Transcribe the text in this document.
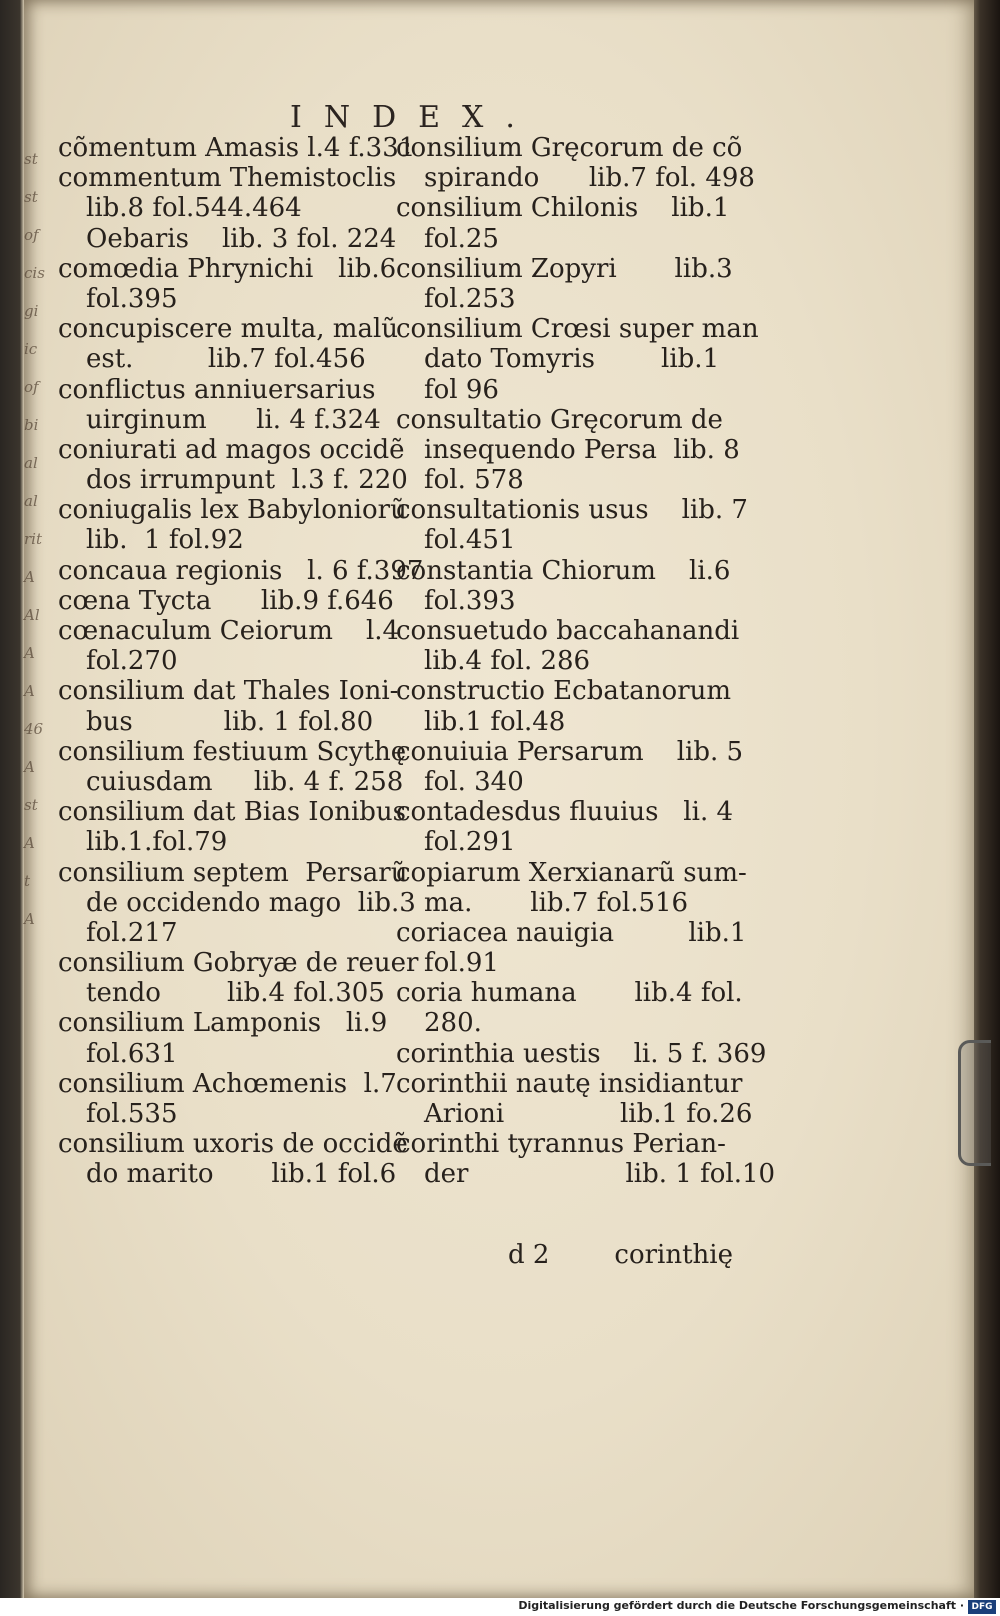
st
st
of
cis
gi
ic
of
bi
al
al
rit
A
Al
A
A
46
A
st
A
t
A
INDEX.
cõmentum Amasis l.4 f.331
commentum Themistoclis
lib.8 fol.544.464
Oebaris    lib. 3 fol. 224
comœdia Phrynichi   lib.6
fol.395
concupiscere multa, malũ
est.         lib.7 fol.456
conflictus anniuersarius
uirginum      li. 4 f.324
coniurati ad magos occidẽ
dos irrumpunt  l.3 f. 220
coniugalis lex Babyloniorũ
lib.  1 fol.92
concaua regionis   l. 6 f.397
cœna Tycta      lib.9 f.646
cœnaculum Ceiorum    l.4
fol.270
consilium dat Thales Ioni-
bus           lib. 1 fol.80
consilium festiuum Scythę
cuiusdam     lib. 4 f. 258
consilium dat Bias Ionibus
lib.1.fol.79
consilium septem  Persarũ
de occidendo mago  lib.3
fol.217
consilium Gobryæ de reuer
tendo        lib.4 fol.305
consilium Lamponis   li.9
fol.631
consilium Achœmenis  l.7
fol.535
consilium uxoris de occidẽ
do marito       lib.1 fol.6
consilium Gręcorum de cõ
spirando      lib.7 fol. 498
consilium Chilonis    lib.1
fol.25
consilium Zopyri       lib.3
fol.253
consilium Crœsi super man
dato Tomyris        lib.1
fol 96
consultatio Gręcorum de
insequendo Persa  lib. 8
fol. 578
consultationis usus    lib. 7
fol.451
constantia Chiorum    li.6
fol.393
consuetudo baccahanandi
lib.4 fol. 286
constructio Ecbatanorum
lib.1 fol.48
conuiuia Persarum    lib. 5
fol. 340
contadesdus fluuius   li. 4
fol.291
copiarum Xerxianarũ sum-
ma.       lib.7 fol.516
coriacea nauigia         lib.1
fol.91
coria humana       lib.4 fol.
280.
corinthia uestis    li. 5 f. 369
corinthii nautę insidiantur
Arioni              lib.1 fo.26
corinthi tyrannus Perian-
der                   lib. 1 fol.10
d 2 corinthię
Digitalisierung gefördert durch die Deutsche Forschungsgemeinschaft · DFG
